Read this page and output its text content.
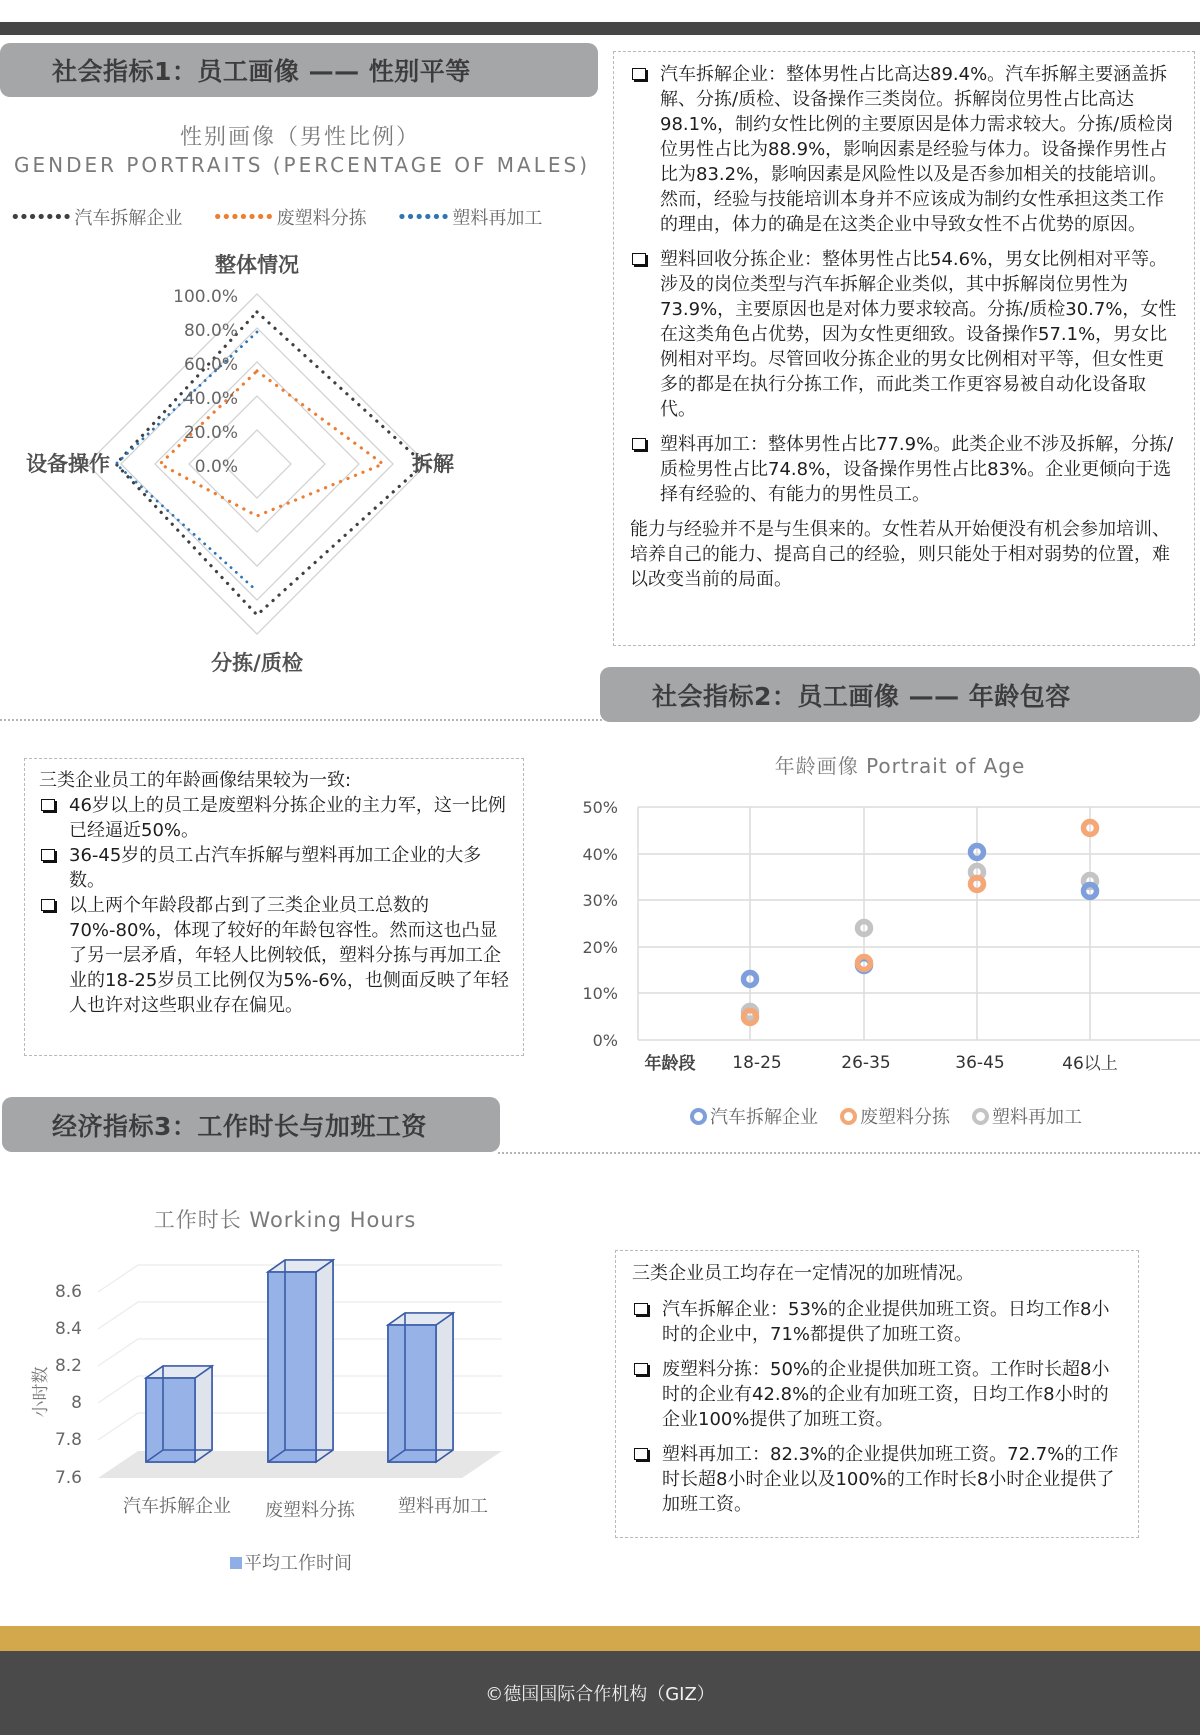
社会指标1：员工画像 —— 性别平等
性别画像（男性比例）
GENDER PORTRAITS (PERCENTAGE OF MALES)
••••••• 汽车拆解企业 ••••••• 废塑料分拣 •••••• 塑料再加工
100.0%
80.0%
60.0%
40.0%
20.0%
0.0%
整体情况
拆解
分拣/质检
设备操作
汽车拆解企业：整体男性占比高达89.4%。汽车拆解主要涵盖拆解、分拣/质检、设备操作三类岗位。拆解岗位男性占比高达98.1%，制约女性比例的主要原因是体力需求较大。分拣/质检岗位男性占比为88.9%，影响因素是经验与体力。设备操作男性占比为83.2%，影响因素是风险性以及是否参加相关的技能培训。然而，经验与技能培训本身并不应该成为制约女性承担这类工作的理由，体力的确是在这类企业中导致女性不占优势的原因。
塑料回收分拣企业：整体男性占比54.6%，男女比例相对平等。涉及的岗位类型与汽车拆解企业类似，其中拆解岗位男性为73.9%，主要原因也是对体力要求较高。分拣/质检30.7%，女性在这类角色占优势，因为女性更细致。设备操作57.1%，男女比例相对平均。尽管回收分拣企业的男女比例相对平等，但女性更多的都是在执行分拣工作，而此类工作更容易被自动化设备取代。
塑料再加工：整体男性占比77.9%。此类企业不涉及拆解，分拣/质检男性占比74.8%，设备操作男性占比83%。企业更倾向于选择有经验的、有能力的男性员工。
能力与经验并不是与生俱来的。女性若从开始便没有机会参加培训、培养自己的能力、提高自己的经验，则只能处于相对弱势的位置，难以改变当前的局面。
社会指标2：员工画像 —— 年龄包容
三类企业员工的年龄画像结果较为一致:
46岁以上的员工是废塑料分拣企业的主力军，这一比例已经逼近50%。
36-45岁的员工占汽车拆解与塑料再加工企业的大多数。
以上两个年龄段都占到了三类企业员工总数的70%-80%，体现了较好的年龄包容性。然而这也凸显了另一层矛盾，年轻人比例较低，塑料分拣与再加工企业的18-25岁员工比例仅为5%-6%，也侧面反映了年轻人也许对这些职业存在偏见。
年龄画像 Portrait of Age
50%
40%
30%
20%
10%
0%
年龄段 18-25	26-35	36-45	46以上
汽车拆解企业 废塑料分拣 塑料再加工
经济指标3：工作时长与加班工资
工作时长 Working Hours
8.6
8.4
8.2
8
7.8
7.6
小时数
汽车拆解企业 废塑料分拣 塑料再加工
平均工作时间
三类企业员工均存在一定情况的加班情况。
汽车拆解企业：53%的企业提供加班工资。日均工作8小时的企业中，71%都提供了加班工资。
废塑料分拣：50%的企业提供加班工资。工作时长超8小时的企业有42.8%的企业有加班工资，日均工作8小时的企业100%提供了加班工资。
塑料再加工：82.3%的企业提供加班工资。72.7%的工作时长超8小时企业以及100%的工作时长8小时企业提供了加班工资。
©德国国际合作机构（GIZ）
